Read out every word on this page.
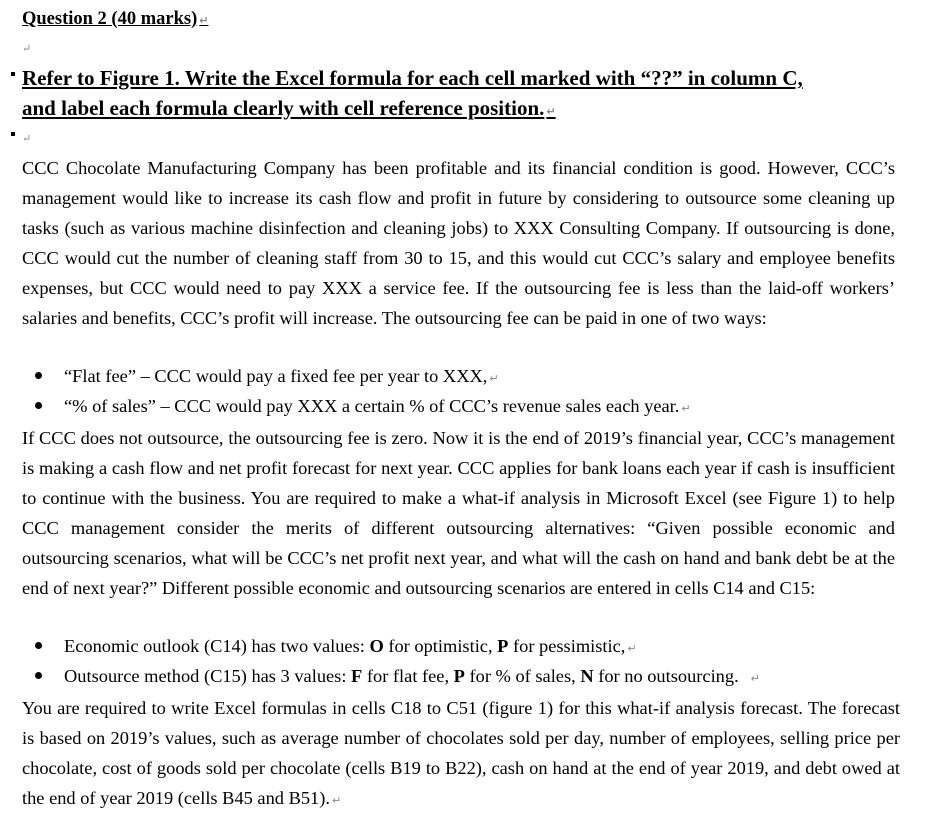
Question 2 (40 marks) ↵
↵
Refer to Figure 1. Write the Excel formula for each cell marked with “??” in column C,
and label each formula clearly with cell reference position. ↵
↵
CCC Chocolate Manufacturing Company has been profitable and its financial condition is good. However, CCC’s management would like to increase its cash flow and profit in future by considering to outsource some cleaning up tasks (such as various machine disinfection and cleaning jobs) to XXX Consulting Company. If outsourcing is done, CCC would cut the number of cleaning staff from 30 to 15, and this would cut CCC’s salary and employee benefits expenses, but CCC would need to pay XXX a service fee. If the outsourcing fee is less than the laid-off workers’ salaries and benefits, CCC’s profit will increase. The outsourcing fee can be paid in one of two ways:
“Flat fee” – CCC would pay a fixed fee per year to XXX, ↵
“% of sales” – CCC would pay XXX a certain % of CCC’s revenue sales each year. ↵
If CCC does not outsource, the outsourcing fee is zero. Now it is the end of 2019’s financial year, CCC’s management is making a cash flow and net profit forecast for next year. CCC applies for bank loans each year if cash is insufficient to continue with the business. You are required to make a what-if analysis in Microsoft Excel (see Figure 1) to help CCC management consider the merits of different outsourcing alternatives: “Given possible economic and outsourcing scenarios, what will be CCC’s net profit next year, and what will the cash on hand and bank debt be at the end of next year?” Different possible economic and outsourcing scenarios are entered in cells C14 and C15:
Economic outlook (C14) has two values: O for optimistic, P for pessimistic, ↵
Outsource method (C15) has 3 values: F for flat fee, P for % of sales, N for no outsourcing. ↵
You are required to write Excel formulas in cells C18 to C51 (figure 1) for this what-if analysis forecast. The forecast is based on 2019’s values, such as average number of chocolates sold per day, number of employees, selling price per chocolate, cost of goods sold per chocolate (cells B19 to B22), cash on hand at the end of year 2019, and debt owed at the end of year 2019 (cells B45 and B51). ↵
